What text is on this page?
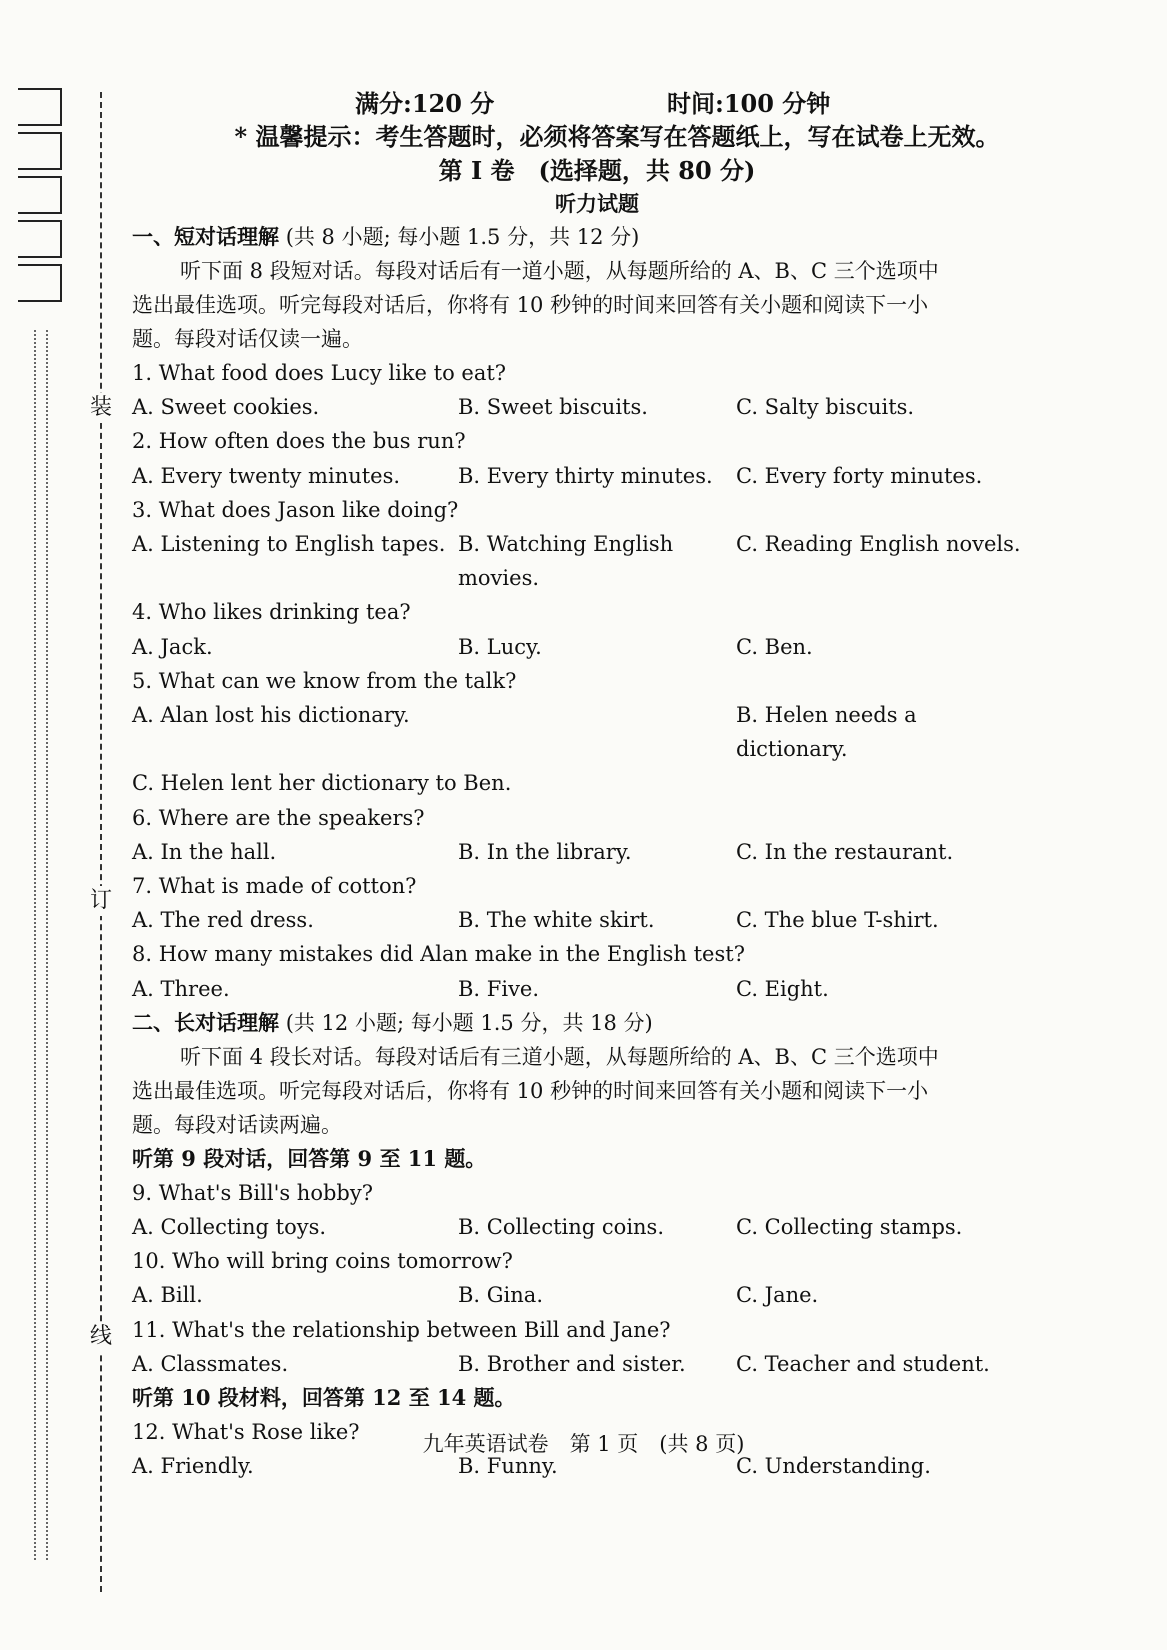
装
订
线
满分:120 分	时间:100 分钟
* 温馨提示：考生答题时，必须将答案写在答题纸上，写在试卷上无效。
第 I 卷　(选择题，共 80 分)
听力试题
一、短对话理解 (共 8 小题; 每小题 1.5 分，共 12 分)
听下面 8 段短对话。每段对话后有一道小题，从每题所给的 A、B、C 三个选项中
选出最佳选项。听完每段对话后，你将有 10 秒钟的时间来回答有关小题和阅读下一小
题。每段对话仅读一遍。
1. What food does Lucy like to eat?
A. Sweet cookies.	B. Sweet biscuits.	C. Salty biscuits.
2. How often does the bus run?
A. Every twenty minutes.	B. Every thirty minutes.	C. Every forty minutes.
3. What does Jason like doing?
A. Listening to English tapes. B. Watching English movies.
C. Reading English novels.
4. Who likes drinking tea?
A. Jack.	B. Lucy.	C. Ben.
5. What can we know from the talk?
A. Alan lost his dictionary.	B. Helen needs a dictionary.
C. Helen lent her dictionary to Ben.
6. Where are the speakers?
A. In the hall.	B. In the library.	C. In the restaurant.
7. What is made of cotton?
A. The red dress.	B. The white skirt.	C. The blue T-shirt.
8. How many mistakes did Alan make in the English test?
A. Three.	B. Five.	C. Eight.
二、长对话理解 (共 12 小题; 每小题 1.5 分，共 18 分)
听下面 4 段长对话。每段对话后有三道小题，从每题所给的 A、B、C 三个选项中
选出最佳选项。听完每段对话后，你将有 10 秒钟的时间来回答有关小题和阅读下一小
题。每段对话读两遍。
听第 9 段对话，回答第 9 至 11 题。
9. What's Bill's hobby?
A. Collecting toys.	B. Collecting coins.	C. Collecting stamps.
10. Who will bring coins tomorrow?
A. Bill.	B. Gina.	C. Jane.
11. What's the relationship between Bill and Jane?
A. Classmates.	B. Brother and sister.	C. Teacher and student.
听第 10 段材料，回答第 12 至 14 题。
12. What's Rose like?
A. Friendly.	B. Funny.	C. Understanding.
九年英语试卷　第 1 页　(共 8 页)
